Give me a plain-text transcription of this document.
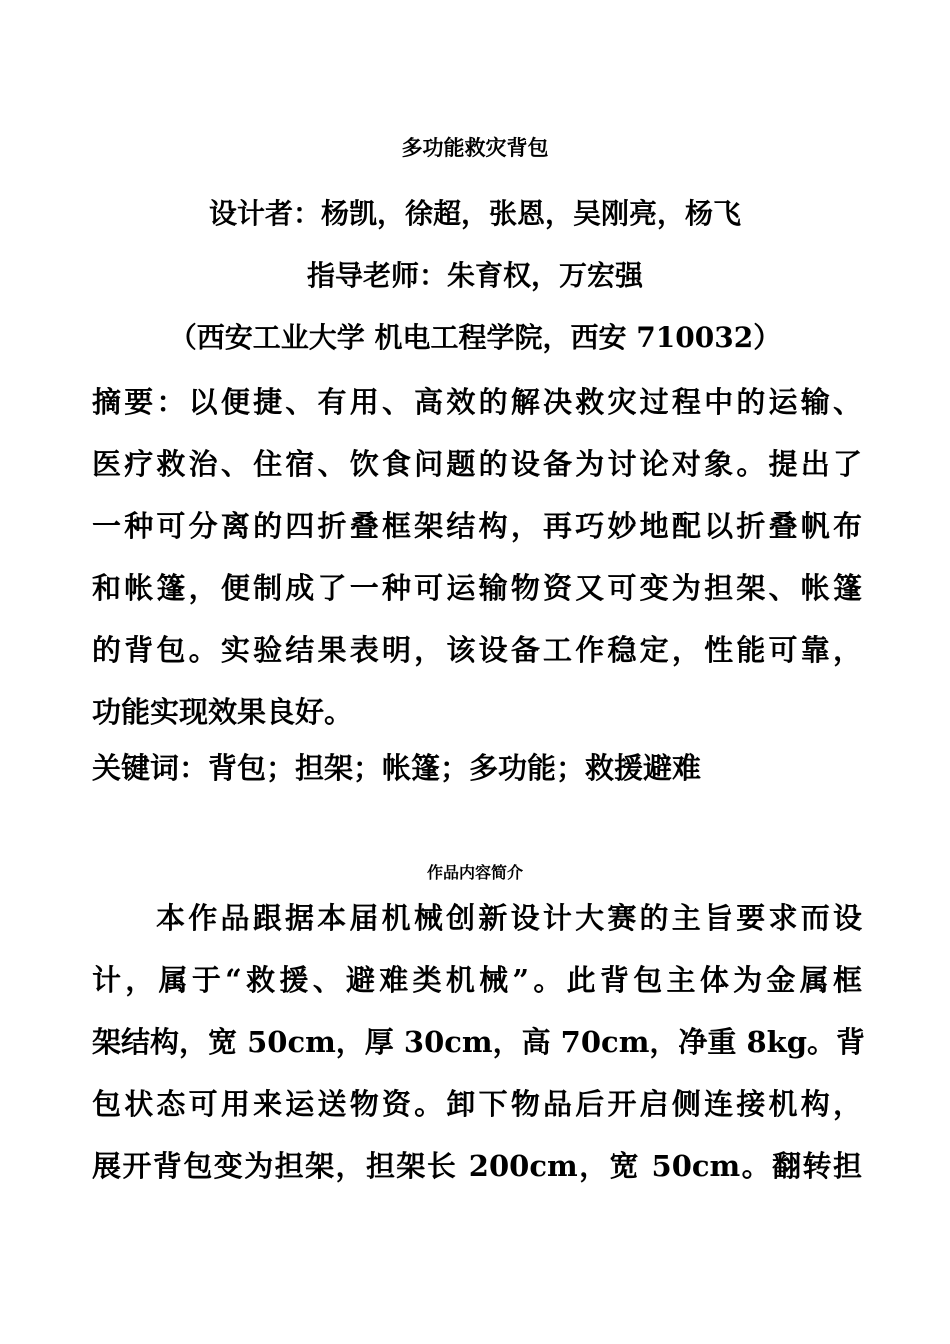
多功能救灾背包
设计者：杨凯，徐超，张恩，吴刚亮，杨飞
指导老师：朱育权，万宏强
（西安工业大学 机电工程学院，西安 710032）
摘要：以便捷、有用、高效的解决救灾过程中的运输、
医疗救治、住宿、饮食问题的设备为讨论对象。提出了
一种可分离的四折叠框架结构，再巧妙地配以折叠帆布
和帐篷，便制成了一种可运输物资又可变为担架、帐篷
的背包。实验结果表明，该设备工作稳定，性能可靠，
功能实现效果良好。
关键词：背包；担架；帐篷；多功能；救援避难
作品内容简介
本作品跟据本届机械创新设计大赛的主旨要求而设
计，属于“救援、避难类机械”。此背包主体为金属框
架结构，宽 50cm，厚 30cm，高 70cm，净重 8kg。背
包状态可用来运送物资。卸下物品后开启侧连接机构，
展开背包变为担架，担架长 200cm，宽 50cm。翻转担
